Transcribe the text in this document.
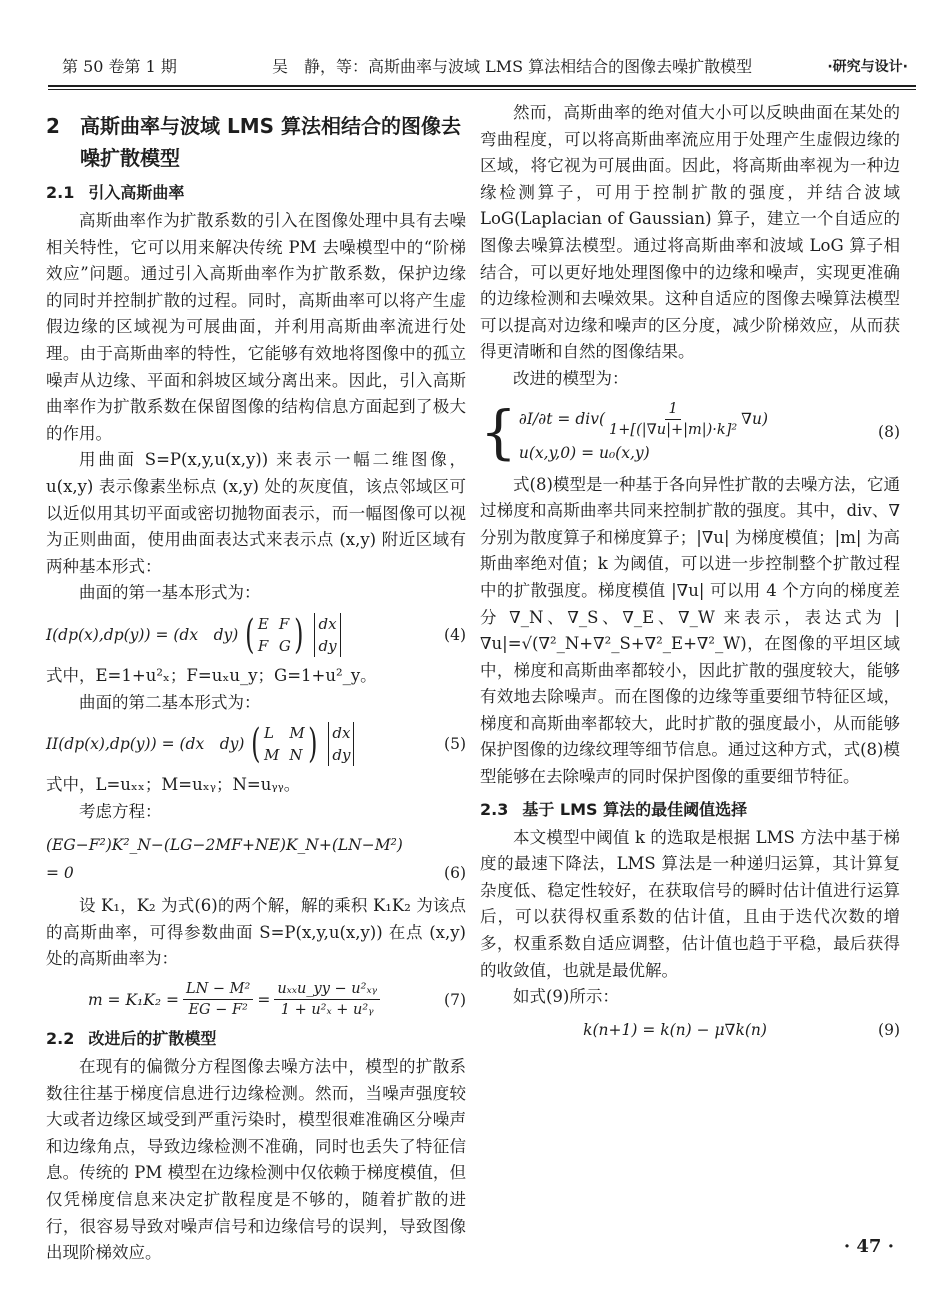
第 50 卷第 1 期	吴　静，等：高斯曲率与波域 LMS 算法相结合的图像去噪扩散模型	·研究与设计·
2	高斯曲率与波域 LMS 算法相结合的图像去噪扩散模型
2.1 引入高斯曲率

高斯曲率作为扩散系数的引入在图像处理中具有去噪相关特性，它可以用来解决传统 PM 去噪模型中的“阶梯效应”问题。通过引入高斯曲率作为扩散系数，保护边缘的同时并控制扩散的过程。同时，高斯曲率可以将产生虚假边缘的区域视为可展曲面，并利用高斯曲率流进行处理。由于高斯曲率的特性，它能够有效地将图像中的孤立噪声从边缘、平面和斜坡区域分离出来。因此，引入高斯曲率作为扩散系数在保留图像的结构信息方面起到了极大的作用。

用曲面 S=P(x,y,u(x,y)) 来表示一幅二维图像，u(x,y) 表示像素坐标点 (x,y) 处的灰度值，该点邻域区可以近似用其切平面或密切抛物面表示，而一幅图像可以视为正则曲面，使用曲面表达式来表示点 (x,y) 附近区域有两种基本形式：

曲面的第一基本形式为：

I(dp(x),dp(y)) = (dx　dy) ( E F
F G ) dx
dy
(4)

式中，E=1+u²ₓ；F=uₓu_y；G=1+u²_y。

曲面的第二基本形式为：

II(dp(x),dp(y)) = (dx　dy) ( L	M
M N ) dx
dy
(5)

式中，L=uₓₓ；M=uₓᵧ；N=uᵧᵧ。

考虑方程：

(EG−F²)K²_N−(LG−2MF+NE)K_N+(LN−M²)
= 0	(6)

设 K₁，K₂ 为式(6)的两个解，解的乘积 K₁K₂ 为该点的高斯曲率，可得参数曲面 S=P(x,y,u(x,y)) 在点 (x,y) 处的高斯曲率为：

$m = K_1K_2 = \frac{\text{LN − M²}}{\text{EG − F²}} = \frac{\text{uₓₓu\_yy − u²ₓᵧ}}{\text{1 + u²ₓ + u²ᵧ}}$	(7)
2.2 改进后的扩散模型

在现有的偏微分方程图像去噪方法中，模型的扩散系数往往基于梯度信息进行边缘检测。然而，当噪声强度较大或者边缘区域受到严重污染时，模型很难准确区分噪声和边缘角点，导致边缘检测不准确，同时也丢失了特征信息。传统的 PM 模型在边缘检测中仅依赖于梯度模值，但仅凭梯度信息来决定扩散程度是不够的，随着扩散的进行，很容易导致对噪声信号和边缘信号的误判，导致图像出现阶梯效应。

然而，高斯曲率的绝对值大小可以反映曲面在某处的弯曲程度，可以将高斯曲率流应用于处理产生虚假边缘的区域，将它视为可展曲面。因此，将高斯曲率视为一种边缘检测算子，可用于控制扩散的强度，并结合波域 LoG(Laplacian of Gaussian) 算子，建立一个自适应的图像去噪算法模型。通过将高斯曲率和波域 LoG 算子相结合，可以更好地处理图像中的边缘和噪声，实现更准确的边缘检测和去噪效果。这种自适应的图像去噪算法模型可以提高对边缘和噪声的区分度，减少阶梯效应，从而获得更清晰和自然的图像结果。

改进的模型为：

{ $\partial I/\partial t = div( \frac{1}{\text{1+[(|∇u|+|m|)·k]²}} \nabla u)$
u(x,y,0) = u₀(x,y)
(8)

式(8)模型是一种基于各向异性扩散的去噪方法，它通过梯度和高斯曲率共同来控制扩散的强度。其中，div、∇ 分别为散度算子和梯度算子；|∇u| 为梯度模值；|m| 为高斯曲率绝对值；k 为阈值，可以进一步控制整个扩散过程中的扩散强度。梯度模值 |∇u| 可以用 4 个方向的梯度差分 ∇_N、∇_S、∇_E、∇_W 来表示，表达式为 |∇u|=√(∇²_N+∇²_S+∇²_E+∇²_W)，在图像的平坦区域中，梯度和高斯曲率都较小，因此扩散的强度较大，能够有效地去除噪声。而在图像的边缘等重要细节特征区域，梯度和高斯曲率都较大，此时扩散的强度最小，从而能够保护图像的边缘纹理等细节信息。通过这种方式，式(8)模型能够在去除噪声的同时保护图像的重要细节特征。

2.3 基于 LMS 算法的最佳阈值选择

本文模型中阈值 k 的选取是根据 LMS 方法中基于梯度的最速下降法，LMS 算法是一种递归运算，其计算复杂度低、稳定性较好，在获取信号的瞬时估计值进行运算后，可以获得权重系数的估计值，且由于迭代次数的增多，权重系数自适应调整，估计值也趋于平稳，最后获得的收敛值，也就是最优解。

如式(9)所示：

k(n+1) = k(n) − μ∇k(n)	(9)
· 47 ·
